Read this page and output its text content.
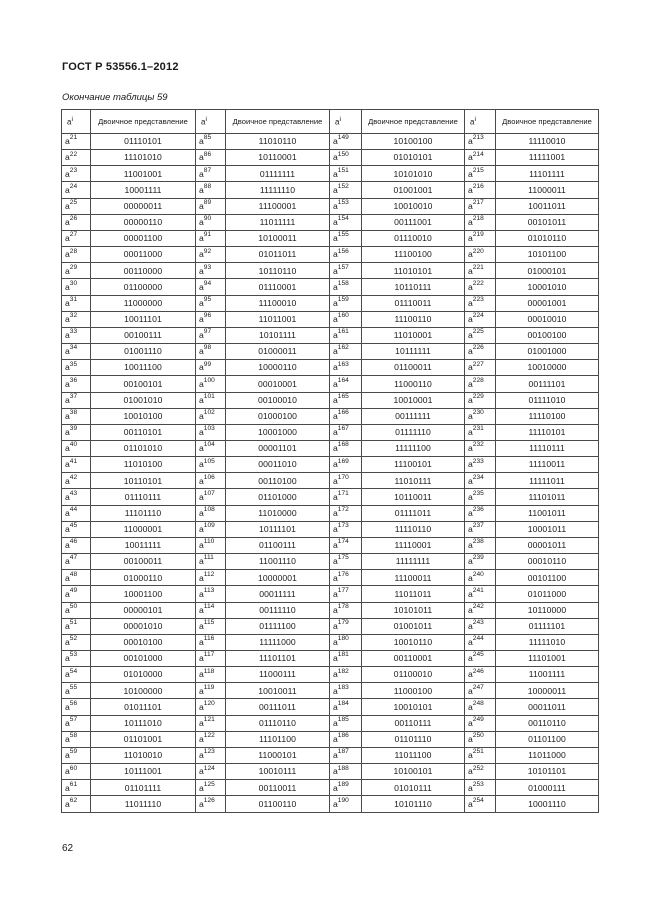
ГОСТ Р 53556.1–2012
Окончание таблицы 59
$a^i$	Двоичное представление	$a^i$	Двоичное представление	$a^i$	Двоичное представление	$a^i$	Двоичное представление
$a^{21}$	01110101	$a^{85}$	11010110	$a^{149}$	10100100	$a^{213}$	11110010
$a^{22}$	11101010	$a^{86}$	10110001	$a^{150}$	01010101	$a^{214}$	11111001
$a^{23}$	11001001	$a^{87}$	01111111	$a^{151}$	10101010	$a^{215}$	11101111
$a^{24}$	10001111	$a^{88}$	11111110	$a^{152}$	01001001	$a^{216}$	11000011
$a^{25}$	00000011	$a^{89}$	11100001	$a^{153}$	10010010	$a^{217}$	10011011
$a^{26}$	00000110	$a^{90}$	11011111	$a^{154}$	00111001	$a^{218}$	00101011
$a^{27}$	00001100	$a^{91}$	10100011	$a^{155}$	01110010	$a^{219}$	01010110
$a^{28}$	00011000	$a^{92}$	01011011	$a^{156}$	11100100	$a^{220}$	10101100
$a^{29}$	00110000	$a^{93}$	10110110	$a^{157}$	11010101	$a^{221}$	01000101
$a^{30}$	01100000	$a^{94}$	01110001	$a^{158}$	10110111	$a^{222}$	10001010
$a^{31}$	11000000	$a^{95}$	11100010	$a^{159}$	01110011	$a^{223}$	00001001
$a^{32}$	10011101	$a^{96}$	11011001	$a^{160}$	11100110	$a^{224}$	00010010
$a^{33}$	00100111	$a^{97}$	10101111	$a^{161}$	11010001	$a^{225}$	00100100
$a^{34}$	01001110	$a^{98}$	01000011	$a^{162}$	10111111	$a^{226}$	01001000
$a^{35}$	10011100	$a^{99}$	10000110	$a^{163}$	01100011	$a^{227}$	10010000
$a^{36}$	00100101	$a^{100}$	00010001	$a^{164}$	11000110	$a^{228}$	00111101
$a^{37}$	01001010	$a^{101}$	00100010	$a^{165}$	10010001	$a^{229}$	01111010
$a^{38}$	10010100	$a^{102}$	01000100	$a^{166}$	00111111	$a^{230}$	11110100
$a^{39}$	00110101	$a^{103}$	10001000	$a^{167}$	01111110	$a^{231}$	11110101
$a^{40}$	01101010	$a^{104}$	00001101	$a^{168}$	11111100	$a^{232}$	11110111
$a^{41}$	11010100	$a^{105}$	00011010	$a^{169}$	11100101	$a^{233}$	11110011
$a^{42}$	10110101	$a^{106}$	00110100	$a^{170}$	11010111	$a^{234}$	11111011
$a^{43}$	01110111	$a^{107}$	01101000	$a^{171}$	10110011	$a^{235}$	11101011
$a^{44}$	11101110	$a^{108}$	11010000	$a^{172}$	01111011	$a^{236}$	11001011
$a^{45}$	11000001	$a^{109}$	10111101	$a^{173}$	11110110	$a^{237}$	10001011
$a^{46}$	10011111	$a^{110}$	01100111	$a^{174}$	11110001	$a^{238}$	00001011
$a^{47}$	00100011	$a^{111}$	11001110	$a^{175}$	11111111	$a^{239}$	00010110
$a^{48}$	01000110	$a^{112}$	10000001	$a^{176}$	11100011	$a^{240}$	00101100
$a^{49}$	10001100	$a^{113}$	00011111	$a^{177}$	11011011	$a^{241}$	01011000
$a^{50}$	00000101	$a^{114}$	00111110	$a^{178}$	10101011	$a^{242}$	10110000
$a^{51}$	00001010	$a^{115}$	01111100	$a^{179}$	01001011	$a^{243}$	01111101
$a^{52}$	00010100	$a^{116}$	11111000	$a^{180}$	10010110	$a^{244}$	11111010
$a^{53}$	00101000	$a^{117}$	11101101	$a^{181}$	00110001	$a^{245}$	11101001
$a^{54}$	01010000	$a^{118}$	11000111	$a^{182}$	01100010	$a^{246}$	11001111
$a^{55}$	10100000	$a^{119}$	10010011	$a^{183}$	11000100	$a^{247}$	10000011
$a^{56}$	01011101	$a^{120}$	00111011	$a^{184}$	10010101	$a^{248}$	00011011
$a^{57}$	10111010	$a^{121}$	01110110	$a^{185}$	00110111	$a^{249}$	00110110
$a^{58}$	01101001	$a^{122}$	11101100	$a^{186}$	01101110	$a^{250}$	01101100
$a^{59}$	11010010	$a^{123}$	11000101	$a^{187}$	11011100	$a^{251}$	11011000
$a^{60}$	10111001	$a^{124}$	10010111	$a^{188}$	10100101	$a^{252}$	10101101
$a^{61}$	01101111	$a^{125}$	00110011	$a^{189}$	01010111	$a^{253}$	01000111
$a^{62}$	11011110	$a^{126}$	01100110	$a^{190}$	10101110	$a^{254}$	10001110
62
